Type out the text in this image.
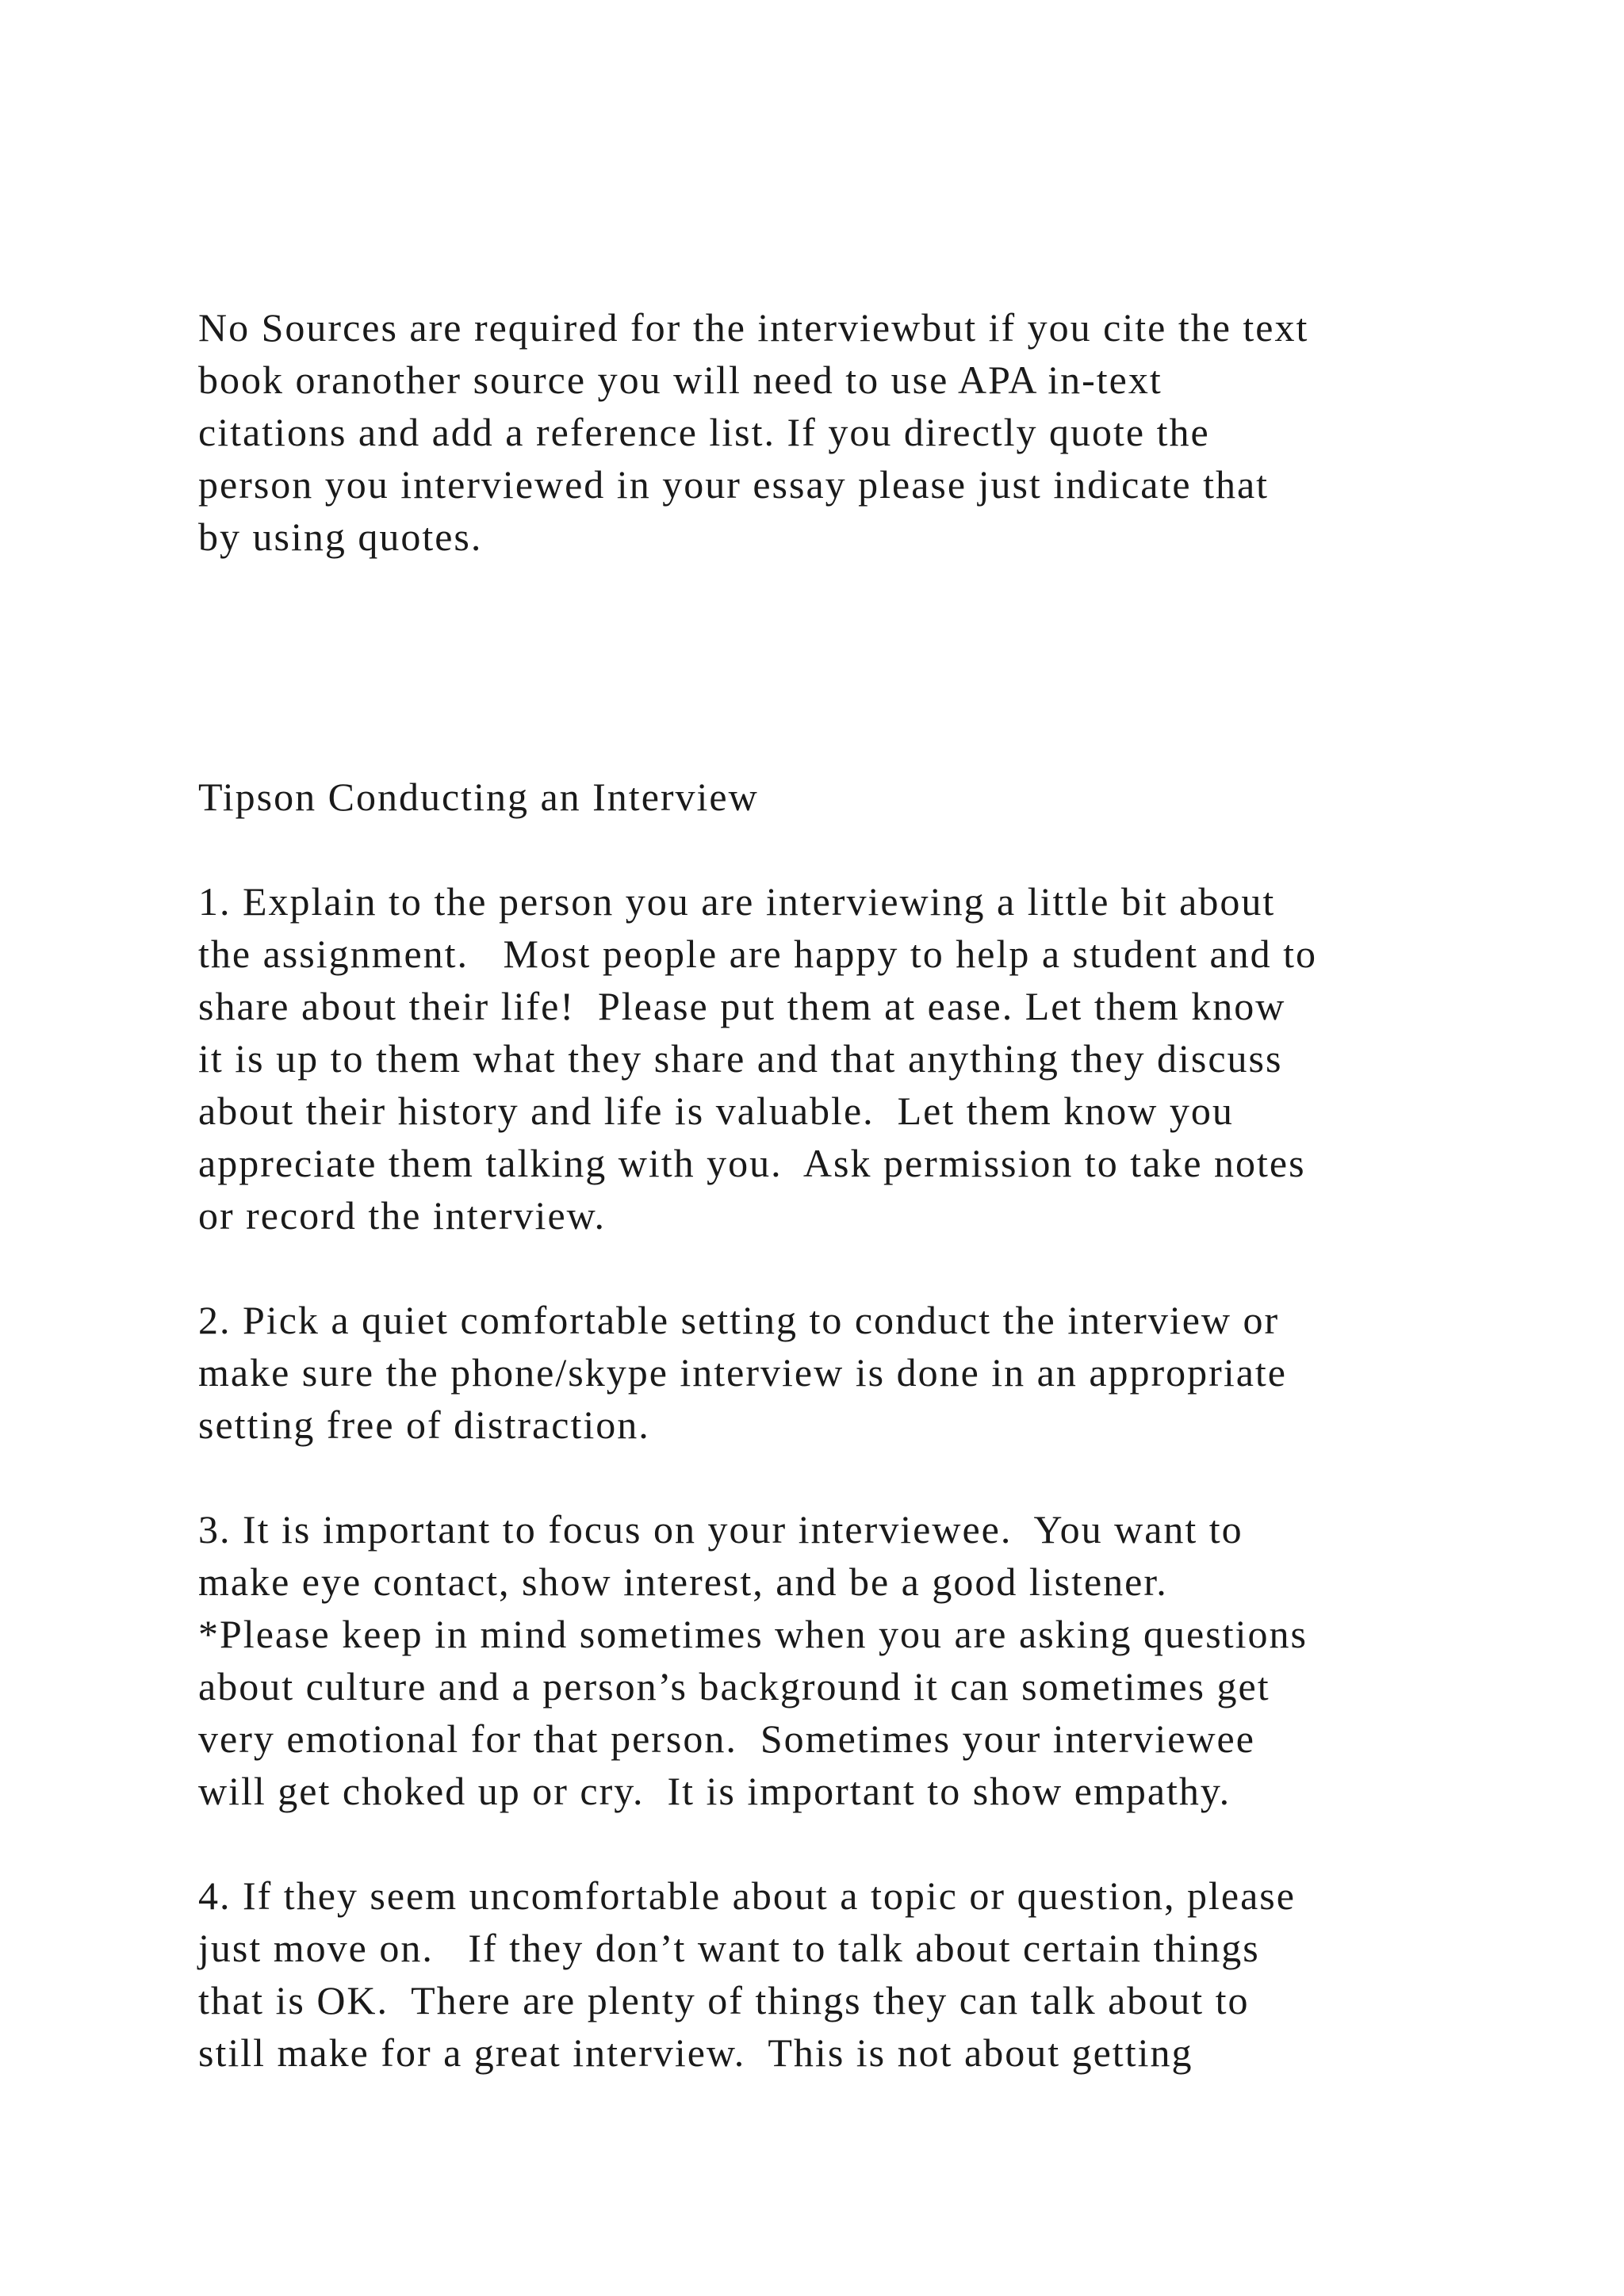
No Sources are required for the interviewbut if you cite the text

book oranother source you will need to use APA in-text

citations and add a reference list. If you directly quote the

person you interviewed in your essay please just indicate that

by using quotes.

Tipson Conducting an Interview

1. Explain to the person you are interviewing a little bit about

the assignment.   Most people are happy to help a student and to

share about their life!  Please put them at ease. Let them know

it is up to them what they share and that anything they discuss

about their history and life is valuable.  Let them know you

appreciate them talking with you.  Ask permission to take notes

or record the interview.

2. Pick a quiet comfortable setting to conduct the interview or

make sure the phone/skype interview is done in an appropriate

setting free of distraction.

3. It is important to focus on your interviewee.  You want to

make eye contact, show interest, and be a good listener.

*Please keep in mind sometimes when you are asking questions

about culture and a person’s background it can sometimes get

very emotional for that person.  Sometimes your interviewee

will get choked up or cry.  It is important to show empathy.

4. If they seem uncomfortable about a topic or question, please

just move on.   If they don’t want to talk about certain things

that is OK.  There are plenty of things they can talk about to

still make for a great interview.  This is not about getting
